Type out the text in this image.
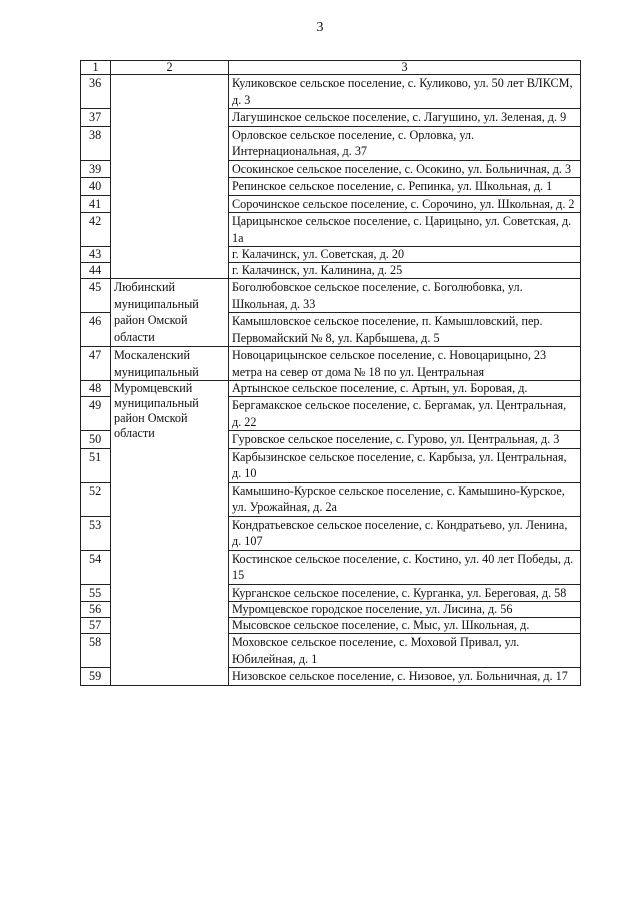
3
1	2	3
36		Куликовское сельское поселение, с. Куликово, ул. 50 лет ВЛКСМ, д. 3
37		Лагушинское сельское поселение, с. Лагушино, ул. Зеленая, д. 9
38		Орловское сельское поселение, с. Орловка, ул. Интернациональная, д. 37
39		Осокинское сельское поселение, с. Осокино, ул. Больничная, д. 3
40		Репинское сельское поселение, с. Репинка, ул. Школьная, д. 1
41		Сорочинское сельское поселение, с. Сорочино, ул. Школьная, д. 2
42		Царицынское сельское поселение, с. Царицыно, ул. Советская, д. 1а
43		г. Калачинск, ул. Советская, д. 20
44		г. Калачинск, ул. Калинина, д. 25
45	Любинский муниципальный район Омской области	Боголюбовское сельское поселение, с. Боголюбовка, ул. Школьная, д. 33
46		Камышловское сельское поселение, п. Камышловский, пер. Первомайский № 8, ул. Карбышева, д. 5
47	Москаленский муниципальный	Новоцарицынское сельское поселение, с. Новоцарицыно, 23 метра на север от дома № 18 по ул. Центральная
48	Муромцевский муниципальный район Омской области	Артынское сельское поселение, с. Артын, ул. Боровая, д.
49		Бергамакское сельское поселение, с. Бергамак, ул. Центральная, д. 22
50		Гуровское сельское поселение, с. Гурово, ул. Центральная, д. 3
51		Карбызинское сельское поселение, с. Карбыза, ул. Центральная, д. 10
52		Камышино-Курское сельское поселение, с. Камышино-Курское, ул. Урожайная, д. 2а
53		Кондратьевское сельское поселение, с. Кондратьево, ул. Ленина, д. 107
54		Костинское сельское поселение, с. Костино, ул. 40 лет Победы, д. 15
55		Курганское сельское поселение, с. Курганка, ул. Береговая, д. 58
56		Муромцевское городское поселение, ул. Лисина, д. 56
57		Мысовское сельское поселение, с. Мыс, ул. Школьная, д.
58		Моховское сельское поселение, с. Моховой Привал, ул. Юбилейная, д. 1
59		Низовское сельское поселение, с. Низовое, ул. Больничная, д. 17
